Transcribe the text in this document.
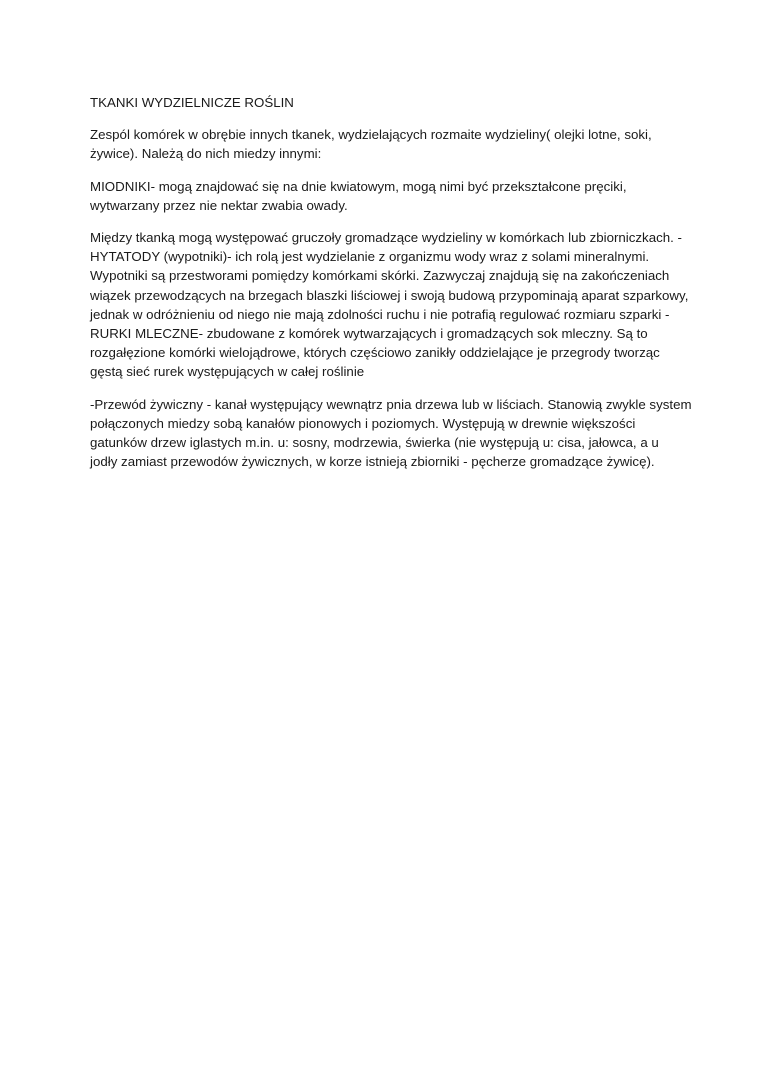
TKANKI WYDZIELNICZE ROŚLIN

Zespól komórek w obrębie innych tkanek, wydzielających rozmaite wydzieliny( olejki lotne, soki,
żywice). Należą do nich miedzy innymi:

MIODNIKI- mogą znajdować się na dnie kwiatowym, mogą nimi być przekształcone pręciki,
wytwarzany przez nie nektar zwabia owady.

Między tkanką mogą występować gruczoły gromadzące wydzieliny w komórkach lub zbiorniczkach. -
HYTATODY (wypotniki)- ich rolą jest wydzielanie z organizmu wody wraz z solami mineralnymi.
Wypotniki są przestworami pomiędzy komórkami skórki. Zazwyczaj znajdują się na zakończeniach
wiązek przewodzących na brzegach blaszki liściowej i swoją budową przypominają aparat szparkowy,
jednak w odróżnieniu od niego nie mają zdolności ruchu i nie potrafią regulować rozmiaru szparki -
RURKI MLECZNE- zbudowane z komórek wytwarzających i gromadzących sok mleczny. Są to
rozgałęzione komórki wielojądrowe, których częściowo zanikły oddzielające je przegrody tworząc
gęstą sieć rurek występujących w całej roślinie

-Przewód żywiczny - kanał występujący wewnątrz pnia drzewa lub w liściach. Stanowią zwykle system
połączonych miedzy sobą kanałów pionowych i poziomych. Występują w drewnie większości
gatunków drzew iglastych m.in. u: sosny, modrzewia, świerka (nie występują u: cisa, jałowca, a u
jodły zamiast przewodów żywicznych, w korze istnieją zbiorniki - pęcherze gromadzące żywicę).
